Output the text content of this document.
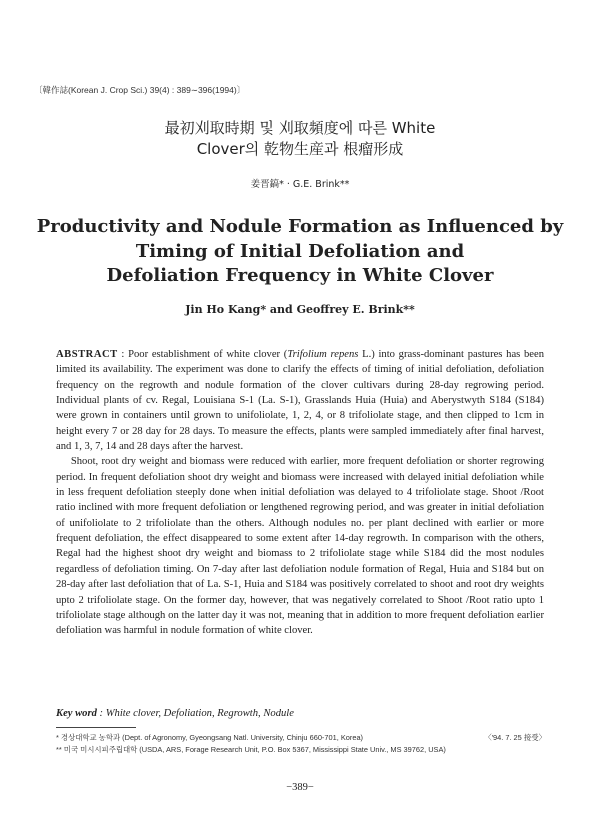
〔韓作誌(Korean J. Crop Sci.) 39(4) : 389∼396(1994)〕
最初刈取時期 및 刈取頻度에 따른 White
Clover의 乾物生産과 根瘤形成
姜晋鎬* · G.E. Brink**
Productivity and Nodule Formation as Influenced by
Timing of Initial Defoliation and
Defoliation Frequency in White Clover
Jin Ho Kang* and Geoffrey E. Brink**

ABSTRACT : Poor establishment of white clover (Trifolium repens L.) into grass-dominant pastures has been limited its availability. The experiment was done to clarify the effects of timing of initial defoliation, defoliation frequency on the regrowth and nodule formation of the clover cultivars during 28-day regrowing period. Individual plants of cv. Regal, Louisiana S-1 (La. S-1), Grasslands Huia (Huia) and Aberystwyth S184 (S184) were grown in containers until grown to unifoliolate, 1, 2, 4, or 8 trifoliolate stage, and then clipped to 1cm in height every 7 or 28 day for 28 days. To measure the effects, plants were sampled immediately after final harvest, and 1, 3, 7, 14 and 28 days after the harvest.

Shoot, root dry weight and biomass were reduced with earlier, more frequent defoliation or shorter regrowing period. In frequent defoliation shoot dry weight and biomass were increased with delayed initial defoliation while in less frequent defoliation steeply done when initial defoliation was delayed to 4 trifoliolate stage. Shoot /Root ratio inclined with more frequent defoliation or lengthened regrowing period, and was greater in initial defoliation of unifoliolate to 2 trifoliolate than the others. Although nodules no. per plant declined with earlier or more frequent defoliation, the effect disappeared to some extent after 14-day regrowth. In comparison with the others, Regal had the highest shoot dry weight and biomass to 2 trifoliolate stage while S184 did the most nodules regardless of defoliation timing. On 7-day after last defoliation nodule formation of Regal, Huia and S184 but on 28-day after last defoliation that of La. S-1, Huia and S184 was positively correlated to shoot and root dry weights upto 2 trifoliolate stage. On the former day, however, that was negatively correlated to Shoot /Root ratio upto 1 trifoliolate stage although on the latter day it was not, meaning that in addition to more frequent defoliation earlier defoliation was harmful in nodule formation of white clover.

Key word : White clover, Defoliation, Regrowth, Nodule
* 경상대학교 농학과 (Dept. of Agronomy, Gyeongsang Natl. University, Chinju 660-701, Korea)	〈'94. 7. 25 接受〉
** 미국 미시시피주립대학 (USDA, ARS, Forage Research Unit, P.O. Box 5367, Mississippi State Univ., MS 39762, USA)
−389−
